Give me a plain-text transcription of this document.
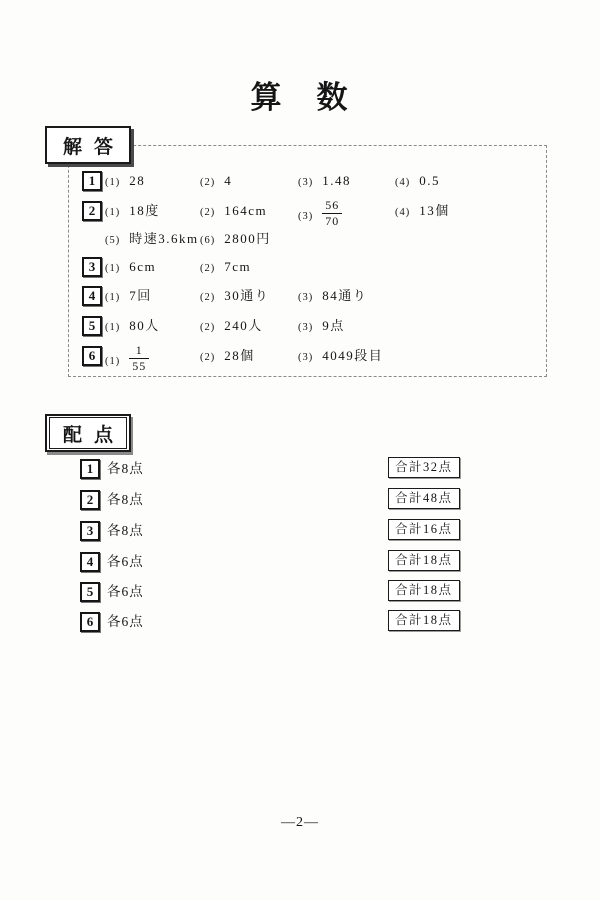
算　数
解答
1 (1) 28	(2) 4	(3) 1.48	(4) 0.5
2 (1) 18度	(2) 164cm	$(3) \frac{56}{70}$	(4) 13個
(5) 時速3.6km (6) 2800円
3 (1) 6cm	(2) 7cm
4 (1) 7回	(2) 30通り	(3) 84通り
5 (1) 80人	(2) 240人	(3) 9点
6 $(1) \frac{1}{55}$	(2) 28個	(3) 4049段目
配点
1	各8点	合計32点
2	各8点	合計48点
3	各8点	合計16点
4	各6点	合計18点
5	各6点	合計18点
6	各6点	合計18点
―2―
